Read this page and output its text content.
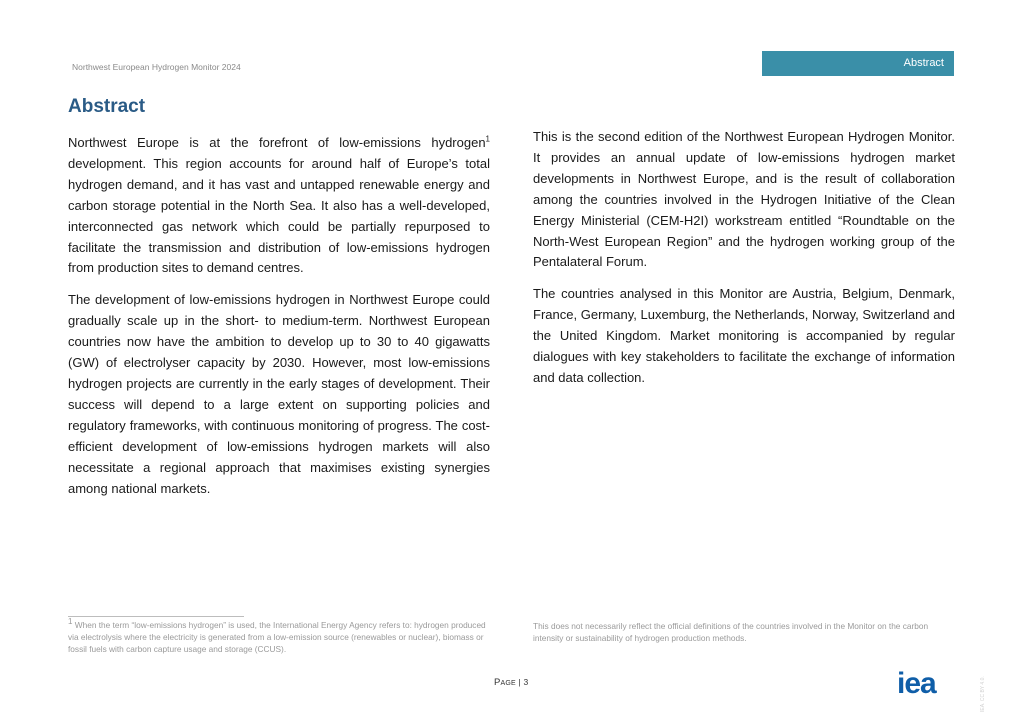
Northwest European Hydrogen Monitor 2024	Abstract
Abstract

Northwest Europe is at the forefront of low-emissions hydrogen$^1$ development. This region accounts for around half of Europe’s total hydrogen demand, and it has vast and untapped renewable energy and carbon storage potential in the North Sea. It also has a well-developed, interconnected gas network which could be partially repurposed to facilitate the transmission and distribution of low-emissions hydrogen from production sites to demand centres.

The development of low-emissions hydrogen in Northwest Europe could gradually scale up in the short- to medium-term. Northwest European countries now have the ambition to develop up to 30 to 40 gigawatts (GW) of electrolyser capacity by 2030. However, most low-emissions hydrogen projects are currently in the early stages of development. Their success will depend to a large extent on supporting policies and regulatory frameworks, with continuous monitoring of progress. The cost-efficient development of low-emissions hydrogen markets will also necessitate a regional approach that maximises existing synergies among national markets.

This is the second edition of the Northwest European Hydrogen Monitor. It provides an annual update of low-emissions hydrogen market developments in Northwest Europe, and is the result of collaboration among the countries involved in the Hydrogen Initiative of the Clean Energy Ministerial (CEM-H2I) workstream entitled “Roundtable on the North-West European Region” and the hydrogen working group of the Pentalateral Forum.

The countries analysed in this Monitor are Austria, Belgium, Denmark, France, Germany, Luxemburg, the Netherlands, Norway, Switzerland and the United Kingdom. Market monitoring is accompanied by regular dialogues with key stakeholders to facilitate the exchange of information and data collection.

$^1$ When the term “low-emissions hydrogen” is used, the International Energy Agency refers to: hydrogen produced via electrolysis where the electricity is generated from a low-emission source (renewables or nuclear), biomass or fossil fuels with carbon capture usage and storage (CCUS).
This does not necessarily reflect the official definitions of the countries involved in the Monitor on the carbon intensity or sustainability of hydrogen production methods.
Page | 3	iea	IEA. CC BY 4.0.
